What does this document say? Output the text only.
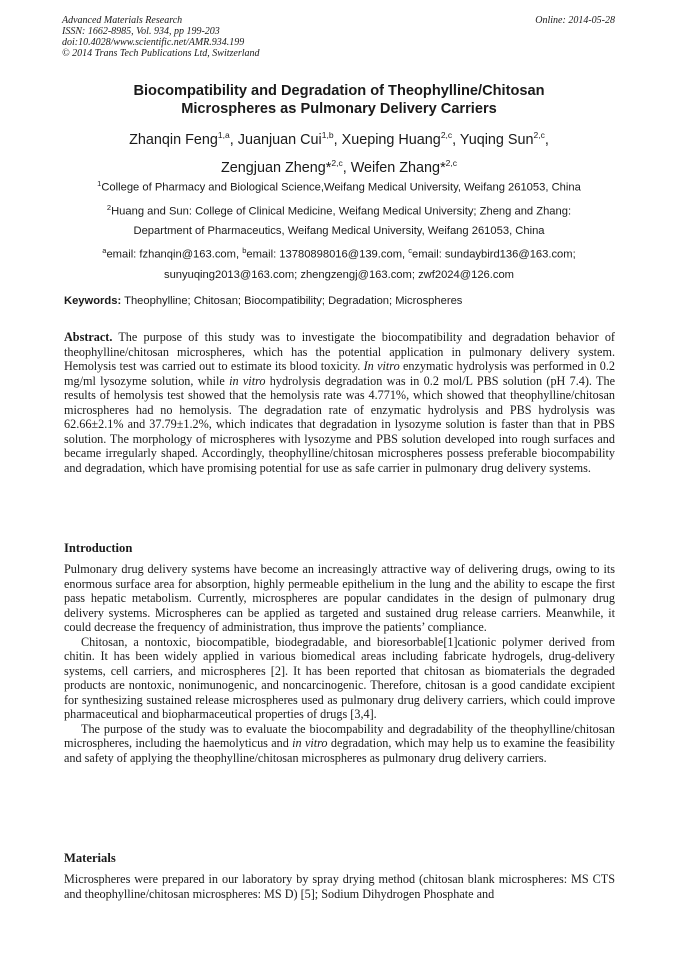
Advanced Materials Research
ISSN: 1662-8985, Vol. 934, pp 199-203
doi:10.4028/www.scientific.net/AMR.934.199
© 2014 Trans Tech Publications Ltd, Switzerland
Online: 2014-05-28
Biocompatibility and Degradation of Theophylline/Chitosan
Microspheres as Pulmonary Delivery Carriers
Zhanqin Feng$^{1,a}$, Juanjuan Cui$^{1,b}$, Xueping Huang$^{2,c}$, Yuqing Sun$^{2,c}$,
Zengjuan Zheng*$^{2,c}$, Weifen Zhang*$^{2,c}$
$^1$College of Pharmacy and Biological Science,Weifang Medical University, Weifang 261053, China
$^2$Huang and Sun: College of Clinical Medicine, Weifang Medical University; Zheng and Zhang:
Department of Pharmaceutics, Weifang Medical University, Weifang 261053, China
$^a$email: fzhanqin@163.com, $^b$email: 13780898016@139.com, $^c$email: sundaybird136@163.com;
sunyuqing2013@163.com; zhengzengj@163.com; zwf2024@126.com
Keywords: Theophylline; Chitosan; Biocompatibility; Degradation; Microspheres
Abstract. The purpose of this study was to investigate the biocompatibility and degradation behavior of theophylline/chitosan microspheres, which has the potential application in pulmonary delivery system. Hemolysis test was carried out to estimate its blood toxicity. In vitro enzymatic hydrolysis was performed in 0.2 mg/ml lysozyme solution, while in vitro hydrolysis degradation was in 0.2 mol/L PBS solution (pH 7.4). The results of hemolysis test showed that the hemolysis rate was 4.771%, which showed that theophylline/chitosan microspheres had no hemolysis. The degradation rate of enzymatic hydrolysis and PBS hydrolysis was 62.66±2.1% and 37.79±1.2%, which indicates that degradation in lysozyme solution is faster than that in PBS solution. The morphology of microspheres with lysozyme and PBS solution developed into rough surfaces and became irregularly shaped. Accordingly, theophylline/chitosan microspheres possess preferable biocompability and degradation, which have promising potential for use as safe carrier in pulmonary drug delivery systems.
Introduction

Pulmonary drug delivery systems have become an increasingly attractive way of delivering drugs, owing to its enormous surface area for absorption, highly permeable epithelium in the lung and the ability to escape the first pass hepatic metabolism. Currently, microspheres are popular candidates in the design of pulmonary drug delivery systems. Microspheres can be applied as targeted and sustained drug release carriers. Meanwhile, it could decrease the frequency of administration, thus improve the patients’ compliance.

Chitosan, a nontoxic, biocompatible, biodegradable, and bioresorbable[1]cationic polymer derived from chitin. It has been widely applied in various biomedical areas including fabricate hydrogels, drug-delivery systems, cell carriers, and microspheres [2]. It has been reported that chitosan as biomaterials the degraded products are nontoxic, nonimunogenic, and noncarcinogenic. Therefore, chitosan is a good candidate excipient for synthesizing sustained release microspheres used as pulmonary drug delivery carriers, which could improve pharmaceutical and biopharmaceutical properties of drugs [3,4].

The purpose of the study was to evaluate the biocompability and degradability of the theophylline/chitosan microspheres, including the haemolyticus and in vitro degradation, which may help us to examine the feasibility and safety of applying the theophylline/chitosan microspheres as pulmonary drug delivery carriers.

Materials

Microspheres were prepared in our laboratory by spray drying method (chitosan blank microspheres: MS CTS and theophylline/chitosan microspheres: MS D) [5]; Sodium Dihydrogen Phosphate and
